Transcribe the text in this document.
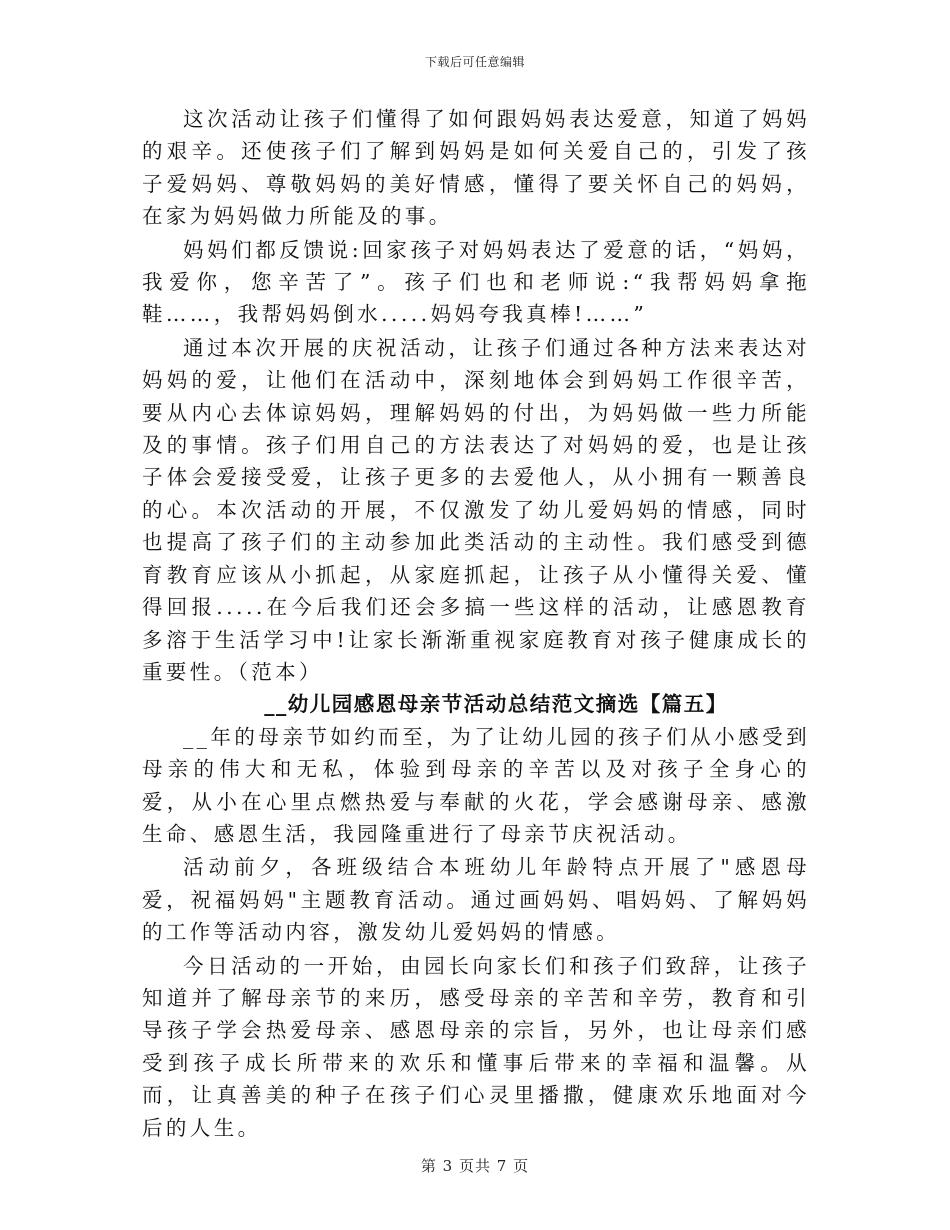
下载后可任意编辑

这次活动让孩子们懂得了如何跟妈妈表达爱意，知道了妈妈的艰辛。还使孩子们了解到妈妈是如何关爱自己的，引发了孩子爱妈妈、尊敬妈妈的美好情感，懂得了要关怀自己的妈妈，在家为妈妈做力所能及的事。

妈妈们都反馈说:回家孩子对妈妈表达了爱意的话，“妈妈，我爱你，您辛苦了”。孩子们也和老师说:“我帮妈妈拿拖鞋……，我帮妈妈倒水.....妈妈夸我真棒!……”

通过本次开展的庆祝活动，让孩子们通过各种方法来表达对妈妈的爱，让他们在活动中，深刻地体会到妈妈工作很辛苦，要从内心去体谅妈妈，理解妈妈的付出，为妈妈做一些力所能及的事情。孩子们用自己的方法表达了对妈妈的爱，也是让孩子体会爱接受爱，让孩子更多的去爱他人，从小拥有一颗善良的心。本次活动的开展，不仅激发了幼儿爱妈妈的情感，同时也提高了孩子们的主动参加此类活动的主动性。我们感受到德育教育应该从小抓起，从家庭抓起，让孩子从小懂得关爱、懂得回报.....在今后我们还会多搞一些这样的活动，让感恩教育多溶于生活学习中!让家长渐渐重视家庭教育对孩子健康成长的重要性。（范本）

__幼儿园感恩母亲节活动总结范文摘选【篇五】

__年的母亲节如约而至，为了让幼儿园的孩子们从小感受到母亲的伟大和无私，体验到母亲的辛苦以及对孩子全身心的爱，从小在心里点燃热爱与奉献的火花，学会感谢母亲、感激生命、感恩生活，我园隆重进行了母亲节庆祝活动。

活动前夕，各班级结合本班幼儿年龄特点开展了"感恩母爱，祝福妈妈"主题教育活动。通过画妈妈、唱妈妈、了解妈妈的工作等活动内容，激发幼儿爱妈妈的情感。

今日活动的一开始，由园长向家长们和孩子们致辞，让孩子知道并了解母亲节的来历，感受母亲的辛苦和辛劳，教育和引导孩子学会热爱母亲、感恩母亲的宗旨，另外，也让母亲们感受到孩子成长所带来的欢乐和懂事后带来的幸福和温馨。从而，让真善美的种子在孩子们心灵里播撒，健康欢乐地面对今后的人生。

第 3 页共 7 页
